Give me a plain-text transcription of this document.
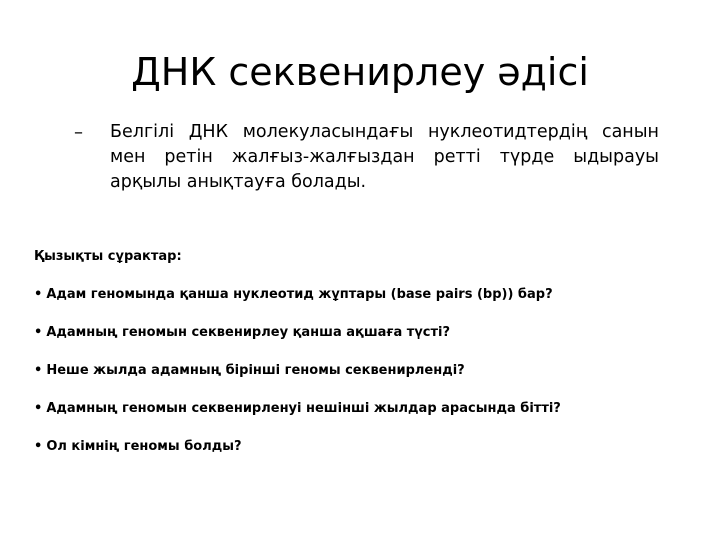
ДНК секвенирлеу әдісі
–	Белгілі ДНК молекуласындағы нуклеотидтердің санын мен ретін жалғыз-жалғыздан ретті түрде ыдырауы арқылы анықтауға болады.
Қызықты сұрактар:
• Адам геномында қанша нуклеотид жұптары (base pairs (bp)) бар?
• Адамның геномын секвенирлеу қанша ақшаға түсті?
• Неше жылда адамның бірінші геномы секвенирленді?
• Адамның геномын секвенирленуі нешінші жылдар арасында бітті?
• Ол кімнің геномы болды?
